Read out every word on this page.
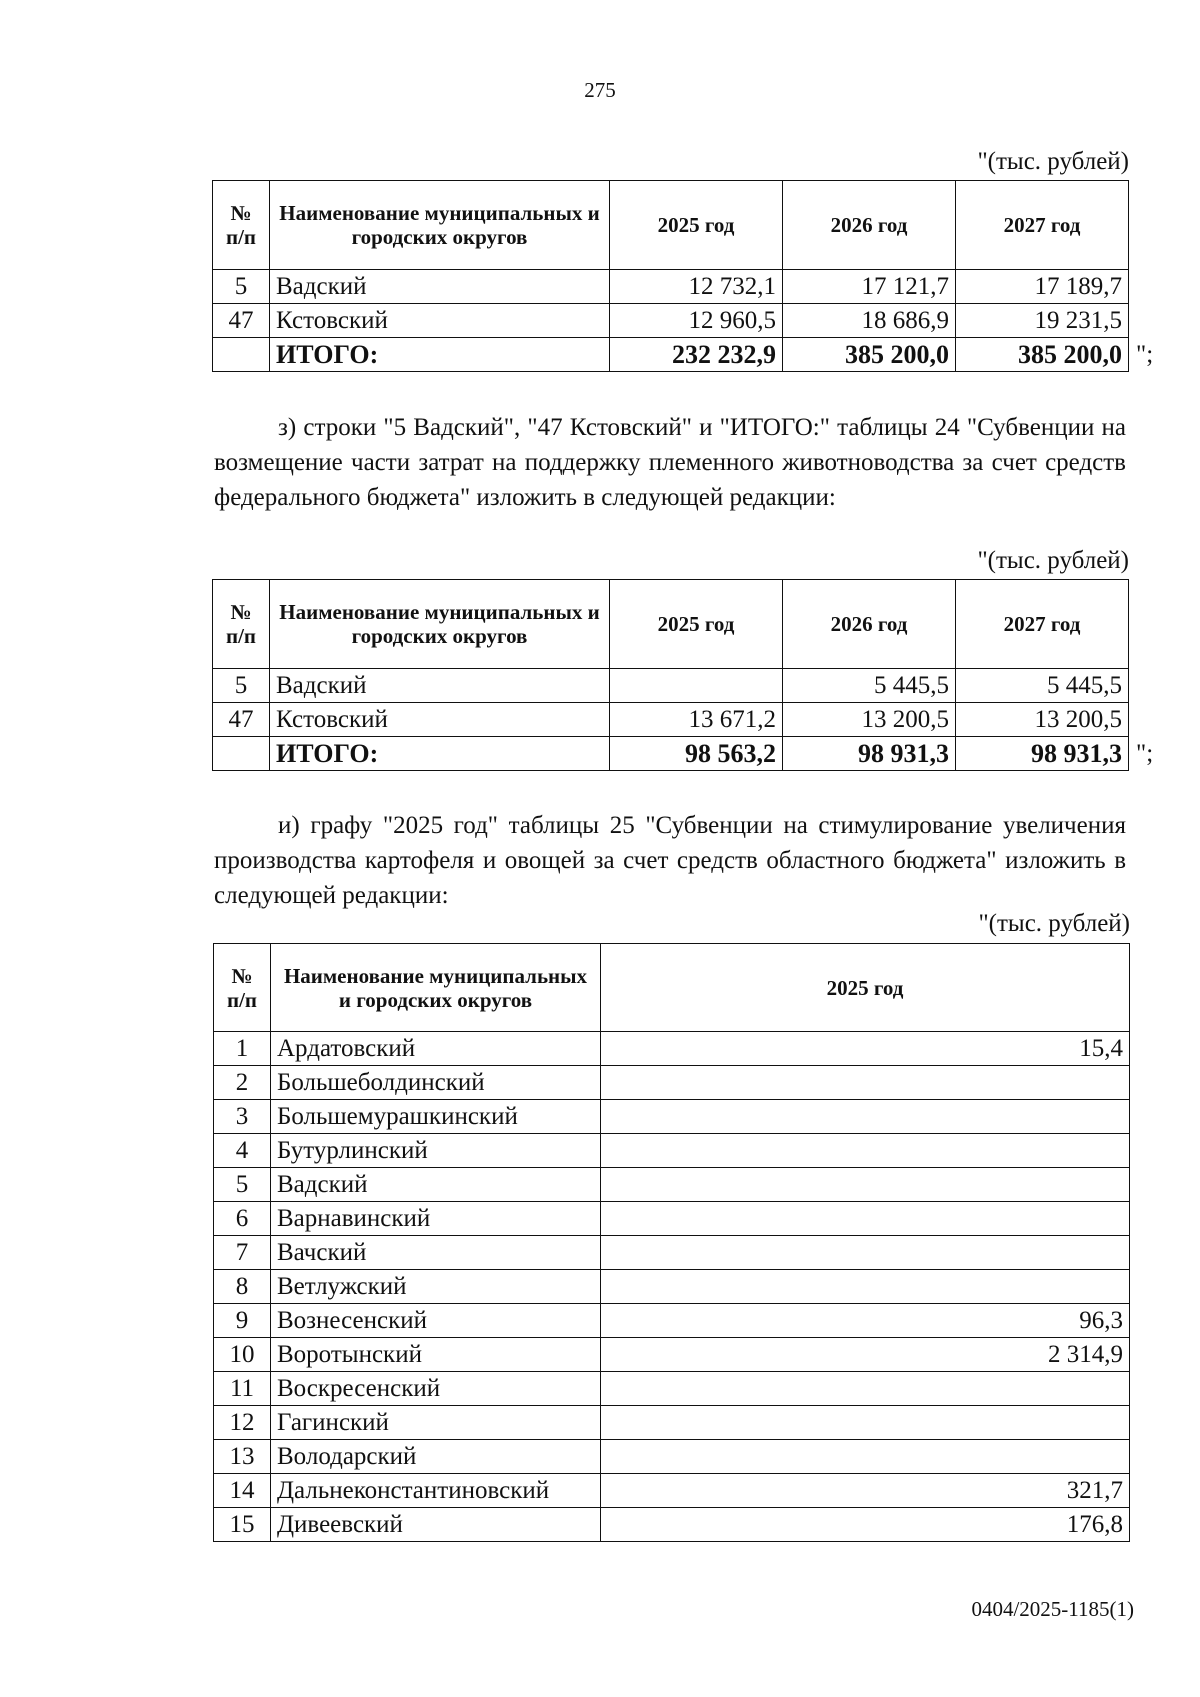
275
"(тыс. рублей)
№ п/п	Наименование муниципальных и городских округов	2025 год	2026 год	2027 год
5	Вадский	12 732,1	17 121,7	17 189,7
47	Кстовский	12 960,5	18 686,9	19 231,5
	ИТОГО:	232 232,9	385 200,0	385 200,0 ";
з) строки "5 Вадский", "47 Кстовский" и "ИТОГО:" таблицы 24 "Субвенции на возмещение части затрат на поддержку племенного животноводства за счет средств федерального бюджета" изложить в следующей редакции:
"(тыс. рублей)
№ п/п	Наименование муниципальных и городских округов	2025 год	2026 год	2027 год
5	Вадский		5 445,5	5 445,5
47	Кстовский	13 671,2	13 200,5	13 200,5
	ИТОГО:	98 563,2	98 931,3	98 931,3 ";
и) графу "2025 год" таблицы 25 "Субвенции на стимулирование увеличения производства картофеля и овощей за счет средств областного бюджета" изложить в следующей редакции:
"(тыс. рублей)
№ п/п	Наименование муниципальных и городских округов	2025 год
1	Ардатовский	15,4
2	Большеболдинский	
3	Большемурашкинский	
4	Бутурлинский	
5	Вадский	
6	Варнавинский	
7	Вачский	
8	Ветлужский	
9	Вознесенский	96,3
10	Воротынский	2 314,9
11	Воскресенский	
12	Гагинский	
13	Володарский	
14	Дальнеконстантиновский	321,7
15	Дивеевский	176,8
0404/2025-1185(1)
